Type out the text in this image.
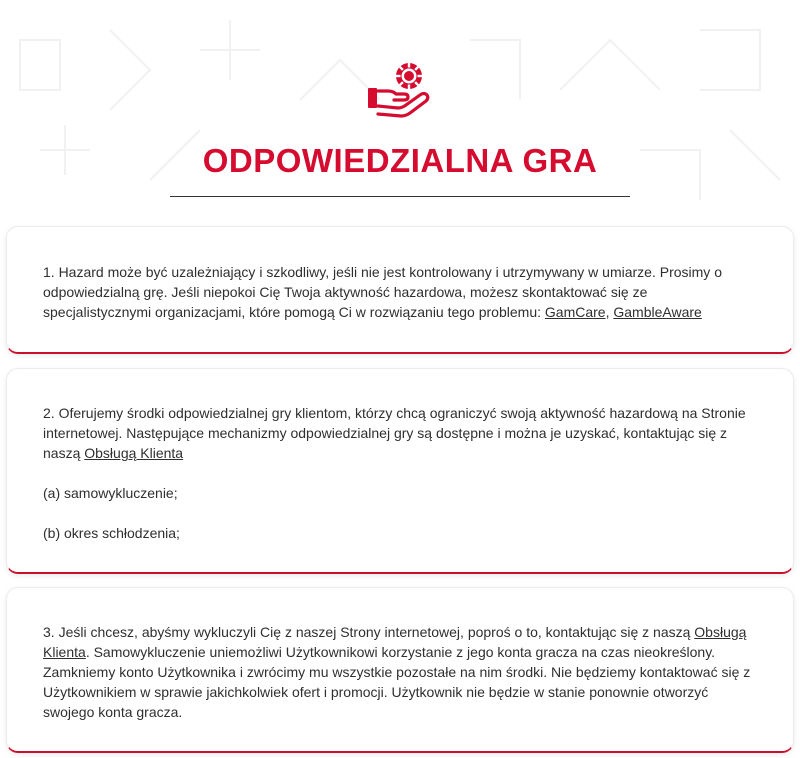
ODPOWIEDZIALNA GRA

1. Hazard może być uzależniający i szkodliwy, jeśli nie jest kontrolowany i utrzymywany w umiarze. Prosimy o odpowiedzialną grę. Jeśli niepokoi Cię Twoja aktywność hazardowa, możesz skontaktować się ze specjalistycznymi organizacjami, które pomogą Ci w rozwiązaniu tego problemu: GamCare, GambleAware

2. Oferujemy środki odpowiedzialnej gry klientom, którzy chcą ograniczyć swoją aktywność hazardową na Stronie internetowej. Następujące mechanizmy odpowiedzialnej gry są dostępne i można je uzyskać, kontaktując się z naszą Obsługą Klienta

(a) samowykluczenie;

(b) okres schłodzenia;

3. Jeśli chcesz, abyśmy wykluczyli Cię z naszej Strony internetowej, poproś o to, kontaktując się z naszą Obsługą Klienta. Samowykluczenie uniemożliwi Użytkownikowi korzystanie z jego konta gracza na czas nieokreślony. Zamkniemy konto Użytkownika i zwrócimy mu wszystkie pozostałe na nim środki. Nie będziemy kontaktować się z Użytkownikiem w sprawie jakichkolwiek ofert i promocji. Użytkownik nie będzie w stanie ponownie otworzyć swojego konta gracza.
